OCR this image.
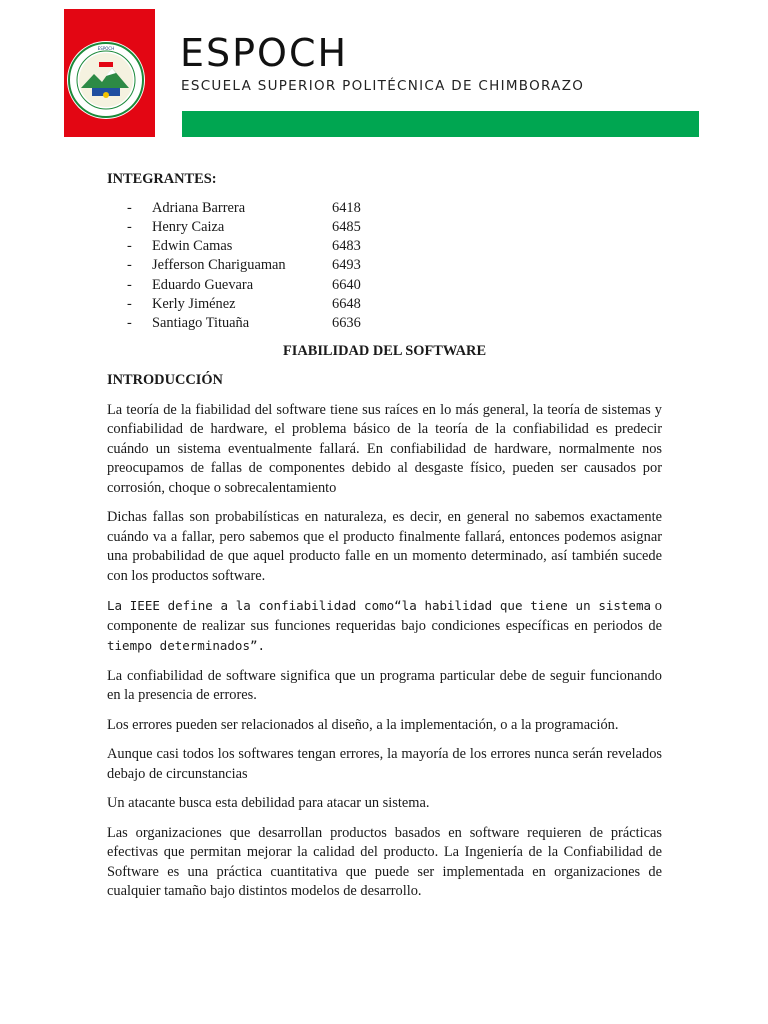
ESPOCH ESPOCH
ESCUELA SUPERIOR POLITÉCNICA DE CHIMBORAZO
INTEGRANTES:
-	Adriana Barrera	6418
-	Henry Caiza	6485
-	Edwin Camas	6483
-	Jefferson Chariguaman	6493
-	Eduardo Guevara	6640
-	Kerly Jiménez	6648
-	Santiago Tituaña	6636
FIABILIDAD DEL SOFTWARE
INTRODUCCIÓN

La teoría de la fiabilidad del software tiene sus raíces en lo más general, la teoría de sistemas y confiabilidad de hardware, el problema básico de la teoría de la confiabilidad es predecir cuándo un sistema eventualmente fallará. En confiabilidad de hardware, normalmente nos preocupamos de fallas de componentes debido al desgaste físico, pueden ser causados por corrosión, choque o sobrecalentamiento

Dichas fallas son probabilísticas en naturaleza, es decir, en general no sabemos exactamente cuándo va a fallar, pero sabemos que el producto finalmente fallará, entonces podemos asignar una probabilidad de que aquel producto falle en un momento determinado, así también sucede con los productos software.

La IEEE define a la confiabilidad como“la habilidad que tiene un sistema o componente de realizar sus funciones requeridas bajo condiciones específicas en periodos de tiempo determinados”.

La confiabilidad de software significa que un programa particular debe de seguir funcionando en la presencia de errores.

Los errores pueden ser relacionados al diseño, a la implementación, o a la programación.

Aunque casi todos los softwares tengan errores, la mayoría de los errores nunca serán revelados debajo de circunstancias

Un atacante busca esta debilidad para atacar un sistema.

Las organizaciones que desarrollan productos basados en software requieren de prácticas efectivas que permitan mejorar la calidad del producto. La Ingeniería de la Confiabilidad de Software es una práctica cuantitativa que puede ser implementada en organizaciones de cualquier tamaño bajo distintos modelos de desarrollo.
